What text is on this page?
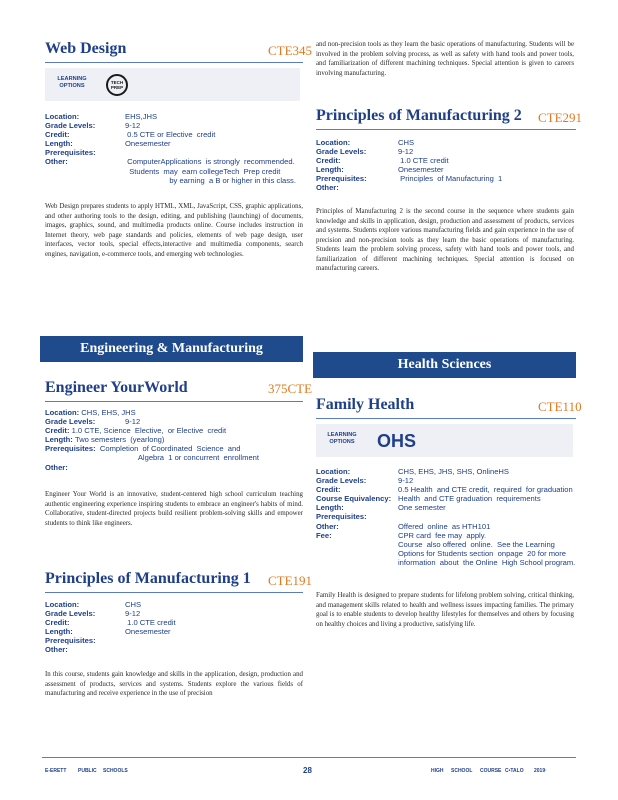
Web Design	CTE345
LEARNING
OPTIONS
TECH PREP
Location:	EHS,JHS
Grade Levels:	9-12
Credit:	0.5 CTE or Elective  credit
Length:	Onesemester
Prerequisites:
Other:	ComputerApplications  is strongly  recommended.
Students  may  earn collegeTech  Prep credit
by earning  a B or higher in this class.
Web Design prepares students to apply HTML, XML, JavaScript, CSS, graphic applications, and other authoring tools to the design, editing, and publishing (launching) of documents, images, graphics, sound, and multimedia products online. Course includes instruction in Internet theory, web page standards and policies, elements of web page design, user interfaces, vector tools, special effects,interactive and multimedia components, search engines, navigation, e-commerce tools, and emerging web technologies.
Engineering & Manufacturing
Engineer YourWorld	375CTE
Location: CHS, EHS, JHS
Grade Levels:	9-12
Credit: 1.0 CTE, Science  Elective,  or Elective  credit
Length: Two semesters  (yearlong)
Prerequisites: Completion  of Coordinated  Science  and
Algebra  1 or concurrent  enrollment
Other:
Engineer Your World is an innovative, student-centered high school curriculum teaching authentic engineering experience inspiring students to embrace an engineer's habits of mind. Collaborative, student-directed projects build resilient problem-solving skills and empower students to think like engineers.
Principles of Manufacturing 1 CTE191
Location:	CHS
Grade Levels:	9-12
Credit:	1.0 CTE credit
Length:	Onesemester
Prerequisites:
Other:
In this course, students gain knowledge and skills in the application, design, production and assessment of products, services and systems. Students explore the various fields of manufacturing and receive experience in the use of precision
and non-precision tools as they learn the basic operations of manufacturing. Students will be involved in the problem solving process, as well as safety with hand tools and power tools, and familiarization of different machining techniques. Special attention is given to careers involving manufacturing.
Principles of Manufacturing 2 CTE291
Location:	CHS
Grade Levels:	9-12
Credit:	1.0 CTE credit
Length:	Onesemester
Prerequisites:	Principles  of Manufacturing  1
Other:
Principles of Manufacturing 2 is the second course in the sequence where students gain knowledge and skills in application, design, production and assessment of products, services and systems. Students explore various manufacturing fields and gain experience in the use of precision and non-precision tools as they learn the basic operations of manufacturing. Students learn the problem solving process, safety with hand tools and power tools, and familiarization of different machining techniques. Special attention is focused on manufacturing careers.
Health Sciences
Family Health	CTE110
LEARNING
OPTIONS	OHS
Location:	CHS, EHS, JHS, SHS, OnlineHS
Grade Levels:	9-12
Credit:	0.5 Health  and CTE credit,  required  for graduation
Course Equivalency: Health  and CTE graduation  requirements
Length:	One semester
Prerequisites:
Other:	Offered  online  as HTH101
Fee:	CPR card  fee may  apply.
Course  also offered  online.  See the Learning
Options for Students section  onpage  20 for more
information  about  the Online  High School program.
Family Health is designed to prepare students for lifelong problem solving, critical thinking, and management skills related to health and wellness issues impacting families. The primary goal is to enable students to develop healthy lifestyles for themselves and others by focusing on healthy choices and living a productive, satisfying life.
E-ERETT PUBLIC SCHOOLS	28	HIGH SCHOOL COURSE C•TALO 2019·
